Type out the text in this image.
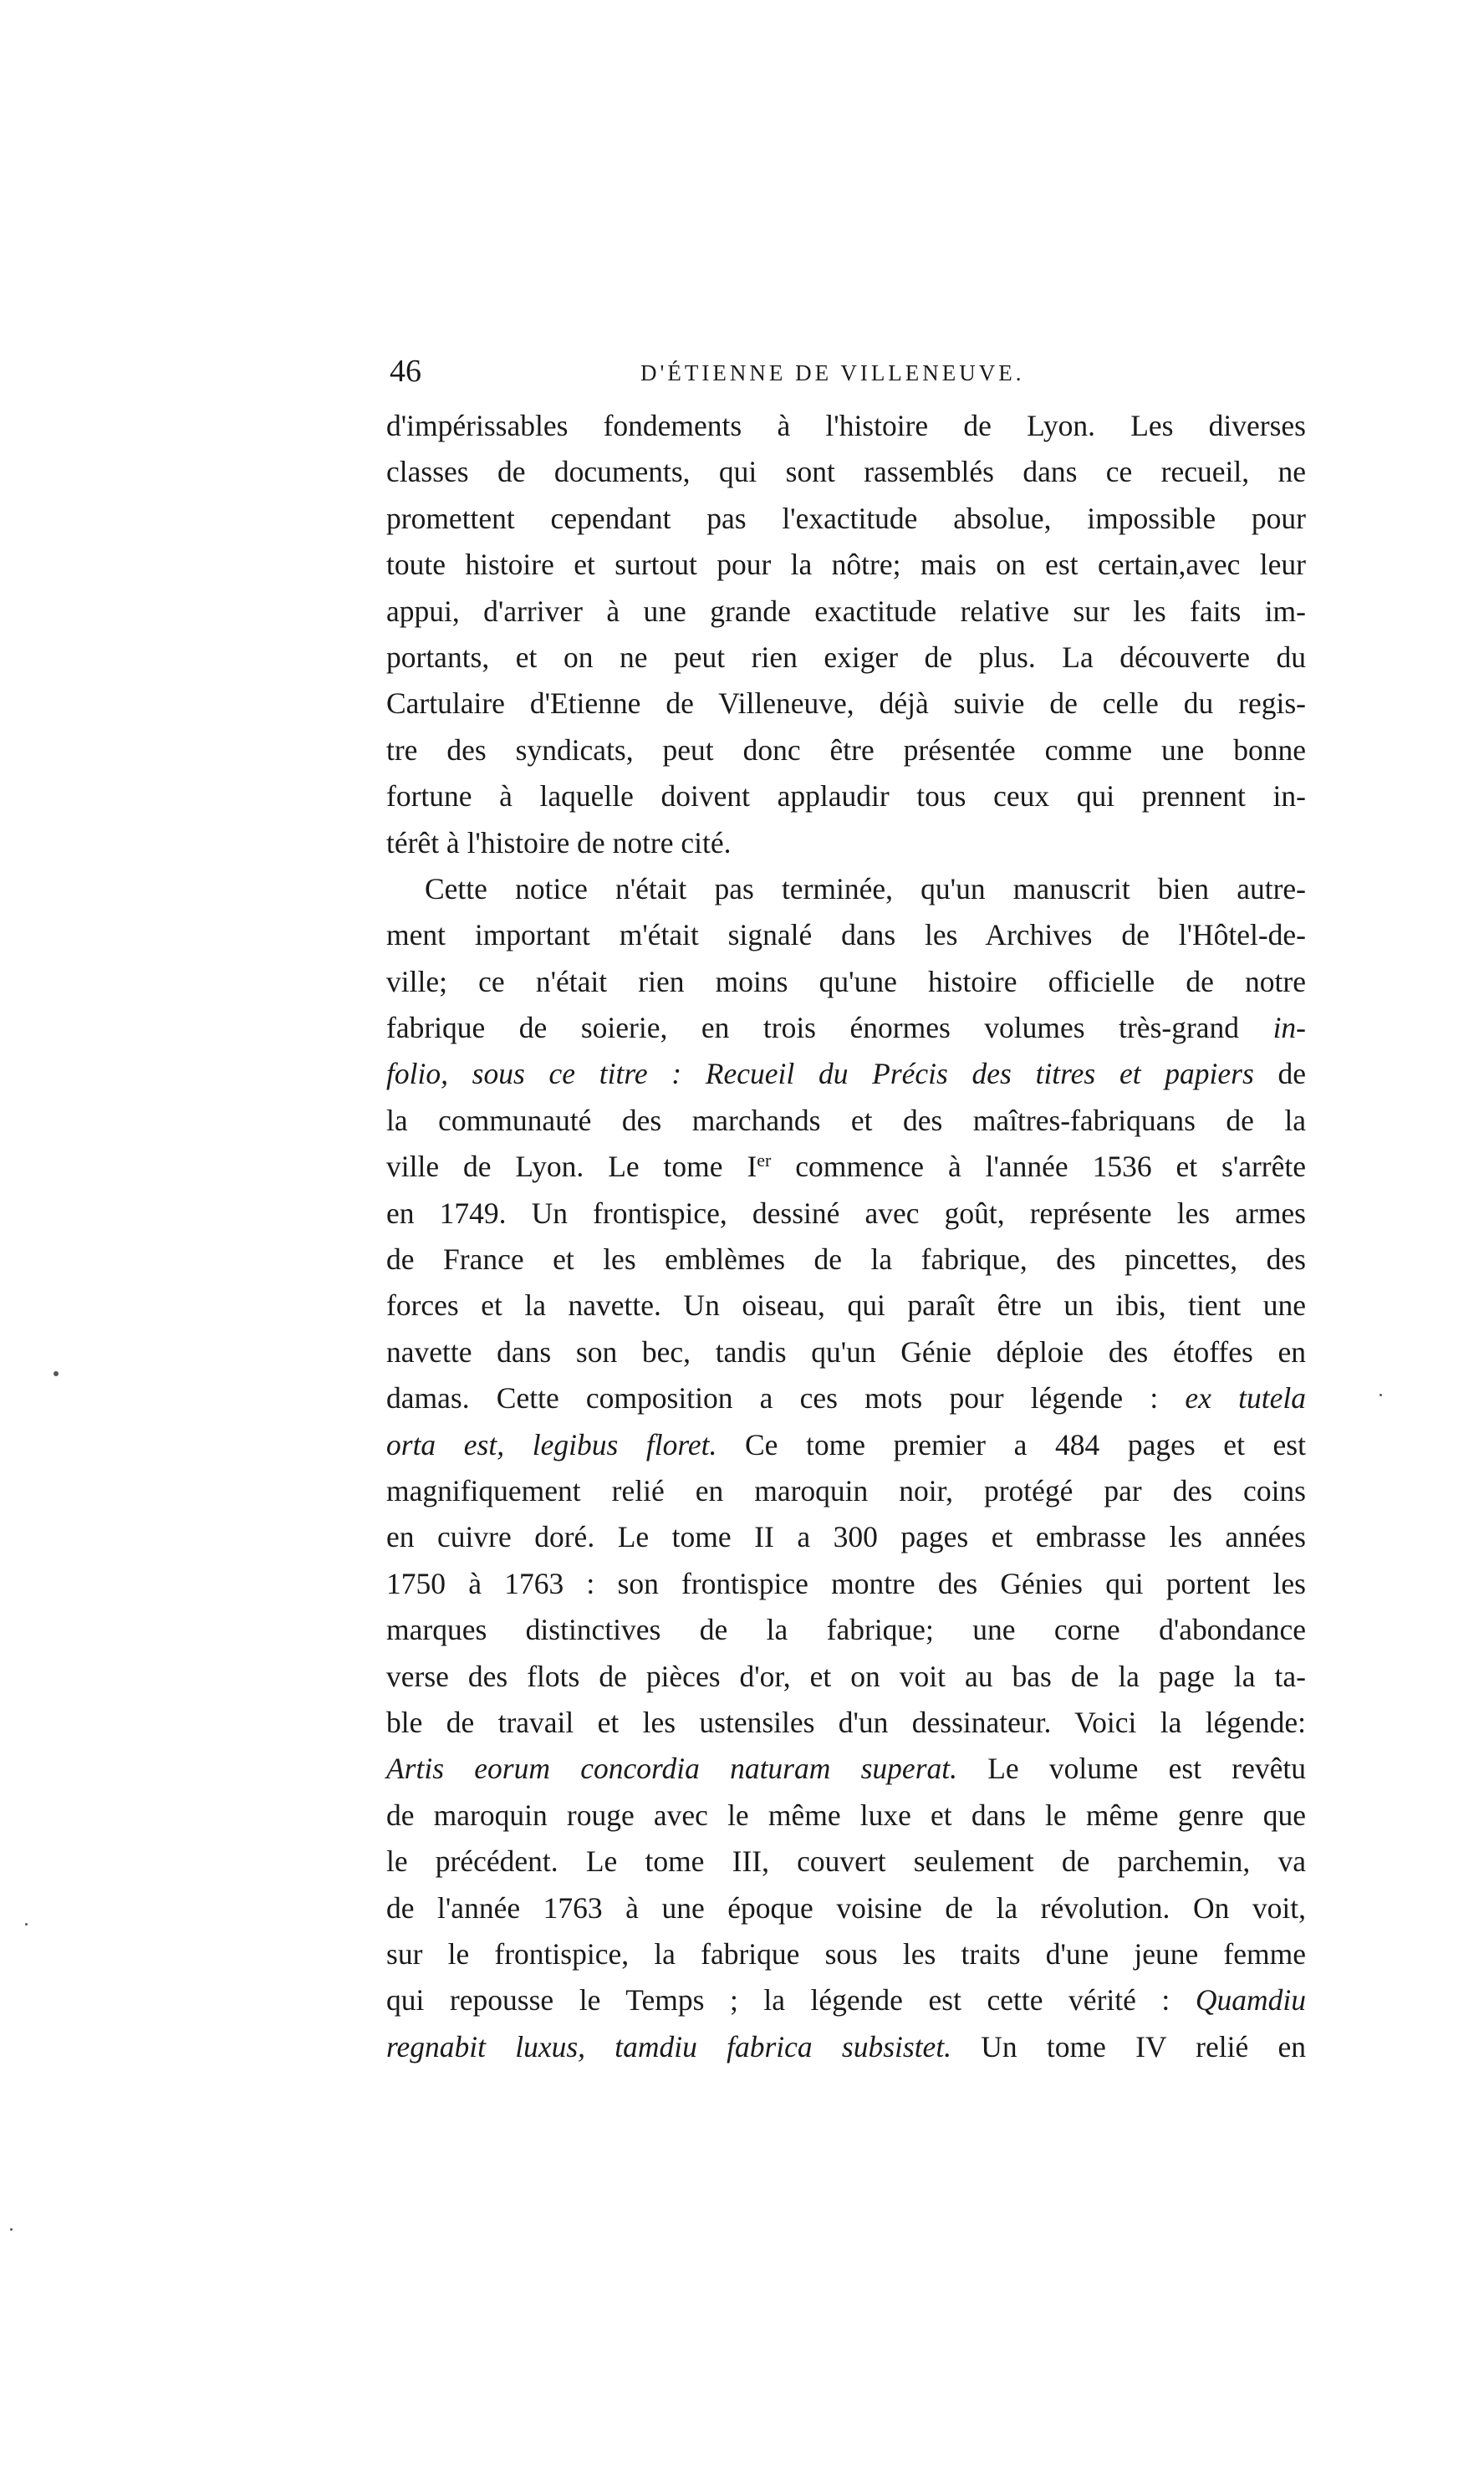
46	D'ÉTIENNE DE VILLENEUVE.
d'impérissables fondements à l'histoire de Lyon. Les diverses
classes de documents, qui sont rassemblés dans ce recueil, ne
promettent cependant pas l'exactitude absolue, impossible pour
toute histoire et surtout pour la nôtre; mais on est certain,avec leur
appui, d'arriver à une grande exactitude relative sur les faits im-
portants, et on ne peut rien exiger de plus. La découverte du
Cartulaire d'Etienne de Villeneuve, déjà suivie de celle du regis-
tre des syndicats, peut donc être présentée comme une bonne
fortune à laquelle doivent applaudir tous ceux qui prennent in-
térêt à l'histoire de notre cité.
Cette notice n'était pas terminée, qu'un manuscrit bien autre-
ment important m'était signalé dans les Archives de l'Hôtel-de-
ville; ce n'était rien moins qu'une histoire officielle de notre
fabrique de soierie, en trois énormes volumes très-grand in-
folio, sous ce titre : Recueil du Précis des titres et papiers de
la communauté des marchands et des maîtres-fabriquans de la
ville de Lyon. Le tome Ier commence à l'année 1536 et s'arrête
en 1749. Un frontispice, dessiné avec goût, représente les armes
de France et les emblèmes de la fabrique, des pincettes, des
forces et la navette. Un oiseau, qui paraît être un ibis, tient une
navette dans son bec, tandis qu'un Génie déploie des étoffes en
damas. Cette composition a ces mots pour légende : ex tutela
orta est, legibus floret. Ce tome premier a 484 pages et est
magnifiquement relié en maroquin noir, protégé par des coins
en cuivre doré. Le tome II a 300 pages et embrasse les années
1750 à 1763 : son frontispice montre des Génies qui portent les
marques distinctives de la fabrique; une corne d'abondance
verse des flots de pièces d'or, et on voit au bas de la page la ta-
ble de travail et les ustensiles d'un dessinateur. Voici la légende:
Artis eorum concordia naturam superat. Le volume est revêtu
de maroquin rouge avec le même luxe et dans le même genre que
le précédent. Le tome III, couvert seulement de parchemin, va
de l'année 1763 à une époque voisine de la révolution. On voit,
sur le frontispice, la fabrique sous les traits d'une jeune femme
qui repousse le Temps ; la légende est cette vérité : Quamdiu
regnabit luxus, tamdiu fabrica subsistet. Un tome IV relié en
